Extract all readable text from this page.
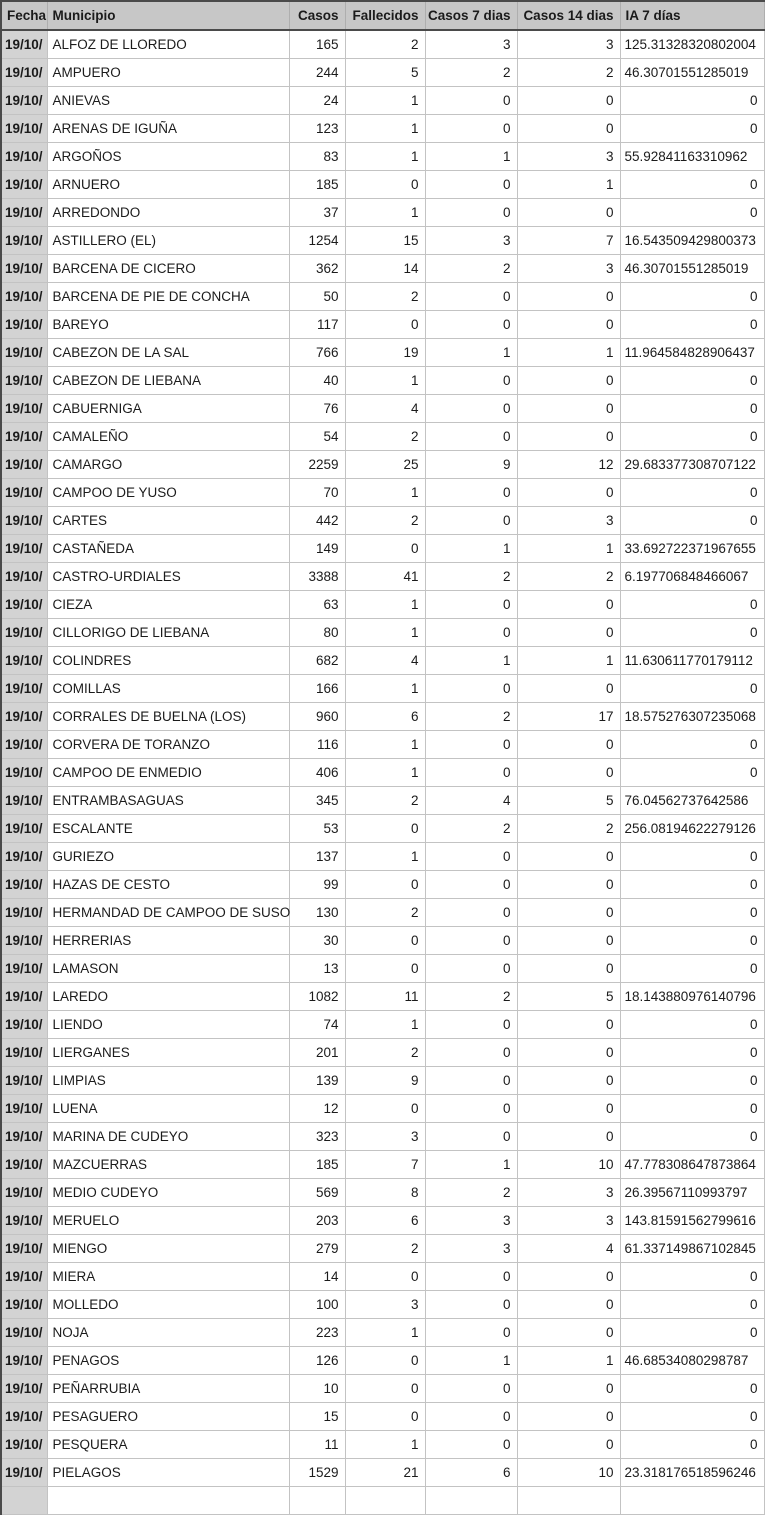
Fecha	Municipio	Casos	Fallecidos	Casos 7 dias	Casos 14 dias	IA 7 días
19/10/	ALFOZ DE LLOREDO	165	2	3	3	125.31328320802004
19/10/	AMPUERO	244	5	2	2	46.30701551285019
19/10/	ANIEVAS	24	1	0	0	0
19/10/	ARENAS DE IGUÑA	123	1	0	0	0
19/10/	ARGOÑOS	83	1	1	3	55.92841163310962
19/10/	ARNUERO	185	0	0	1	0
19/10/	ARREDONDO	37	1	0	0	0
19/10/	ASTILLERO (EL)	1254	15	3	7	16.543509429800373
19/10/	BARCENA DE CICERO	362	14	2	3	46.30701551285019
19/10/	BARCENA DE PIE DE CONCHA	50	2	0	0	0
19/10/	BAREYO	117	0	0	0	0
19/10/	CABEZON DE LA SAL	766	19	1	1	11.964584828906437
19/10/	CABEZON DE LIEBANA	40	1	0	0	0
19/10/	CABUERNIGA	76	4	0	0	0
19/10/	CAMALEÑO	54	2	0	0	0
19/10/	CAMARGO	2259	25	9	12	29.683377308707122
19/10/	CAMPOO DE YUSO	70	1	0	0	0
19/10/	CARTES	442	2	0	3	0
19/10/	CASTAÑEDA	149	0	1	1	33.692722371967655
19/10/	CASTRO-URDIALES	3388	41	2	2	6.197706848466067
19/10/	CIEZA	63	1	0	0	0
19/10/	CILLORIGO DE LIEBANA	80	1	0	0	0
19/10/	COLINDRES	682	4	1	1	11.630611770179112
19/10/	COMILLAS	166	1	0	0	0
19/10/	CORRALES DE BUELNA (LOS)	960	6	2	17	18.575276307235068
19/10/	CORVERA DE TORANZO	116	1	0	0	0
19/10/	CAMPOO DE ENMEDIO	406	1	0	0	0
19/10/	ENTRAMBASAGUAS	345	2	4	5	76.04562737642586
19/10/	ESCALANTE	53	0	2	2	256.08194622279126
19/10/	GURIEZO	137	1	0	0	0
19/10/	HAZAS DE CESTO	99	0	0	0	0
19/10/	HERMANDAD DE CAMPOO DE SUSO	130	2	0	0	0
19/10/	HERRERIAS	30	0	0	0	0
19/10/	LAMASON	13	0	0	0	0
19/10/	LAREDO	1082	11	2	5	18.143880976140796
19/10/	LIENDO	74	1	0	0	0
19/10/	LIERGANES	201	2	0	0	0
19/10/	LIMPIAS	139	9	0	0	0
19/10/	LUENA	12	0	0	0	0
19/10/	MARINA DE CUDEYO	323	3	0	0	0
19/10/	MAZCUERRAS	185	7	1	10	47.778308647873864
19/10/	MEDIO CUDEYO	569	8	2	3	26.39567110993797
19/10/	MERUELO	203	6	3	3	143.81591562799616
19/10/	MIENGO	279	2	3	4	61.337149867102845
19/10/	MIERA	14	0	0	0	0
19/10/	MOLLEDO	100	3	0	0	0
19/10/	NOJA	223	1	0	0	0
19/10/	PENAGOS	126	0	1	1	46.68534080298787
19/10/	PEÑARRUBIA	10	0	0	0	0
19/10/	PESAGUERO	15	0	0	0	0
19/10/	PESQUERA	11	1	0	0	0
19/10/	PIELAGOS	1529	21	6	10	23.318176518596246
